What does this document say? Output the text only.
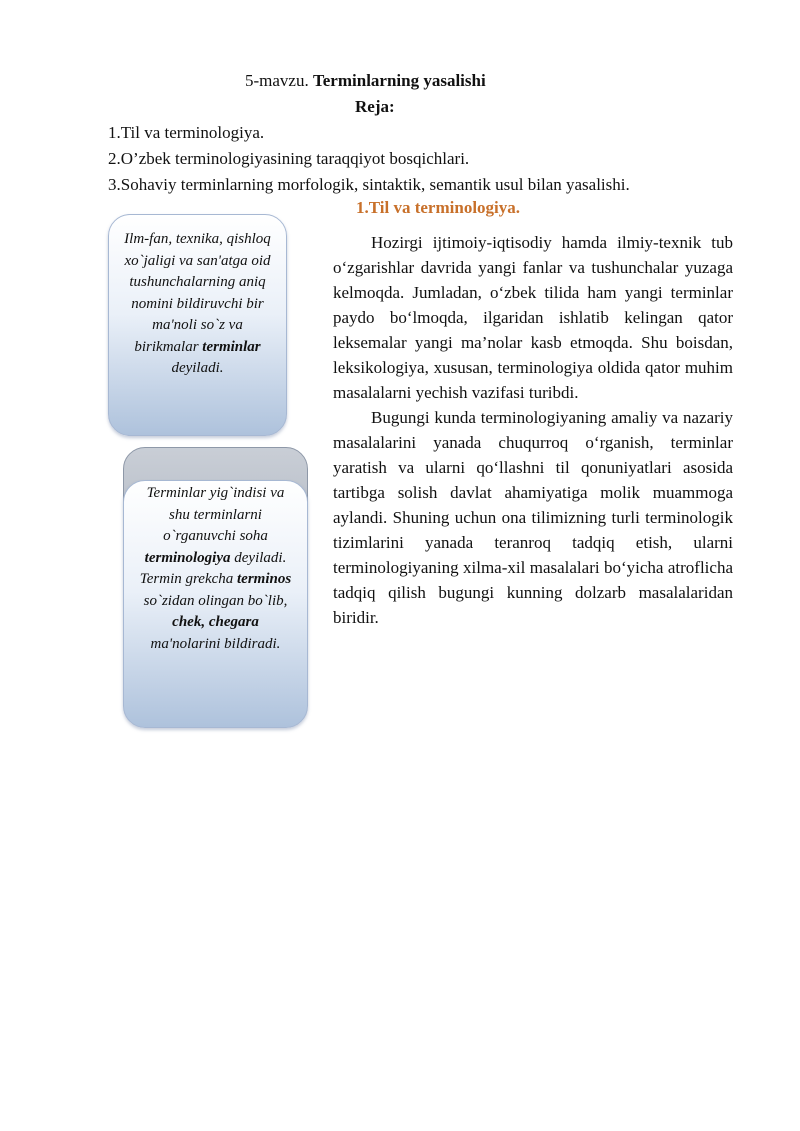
5-mavzu. Terminlarning yasalishi
Reja:
1.Til va terminologiya.
2.O’zbek terminologiyasining taraqqiyot bosqichlari.
3.Sohaviy terminlarning morfologik, sintaktik, semantik usul bilan yasalishi.
1.Til va terminologiya.
Ilm-fan, texnika, qishloq xo`jaligi va san'atga oid tushunchalarning aniq nomini bildiruvchi bir ma'noli so`z va birikmalar terminlar deyiladi.
Terminlar yig`indisi va shu terminlarni o`rganuvchi soha terminologiya deyiladi. Termin grekcha terminos so`zidan olingan bo`lib, chek, chegara ma'nolarini bildiradi.

Hozirgi ijtimoiy-iqtisodiy hamda ilmiy-texnik tub o‘zgarishlar davrida yangi fanlar va tushunchalar yuzaga kelmoqda. Jumladan, o‘zbek tilida ham yangi terminlar paydo bo‘lmoqda, ilgaridan ishlatib kelingan qator leksemalar yangi ma’nolar kasb etmoqda. Shu boisdan, leksikologiya, xususan, terminologiya oldida qator muhim masalalarni yechish vazifasi turibdi.

Bugungi kunda terminologiyaning amaliy va nazariy masalalarini yanada chuqurroq o‘rganish, terminlar yaratish va ularni qo‘llashni til qonuniyatlari asosida tartibga solish davlat ahamiyatiga molik muammoga aylandi. Shuning uchun ona tilimizning turli terminologik tizimlarini yanada teranroq tadqiq etish, ularni terminologiyaning xilma-xil masalalari bo‘yicha atroflicha tadqiq qilish bugungi kunning dolzarb masalalaridan biridir.
